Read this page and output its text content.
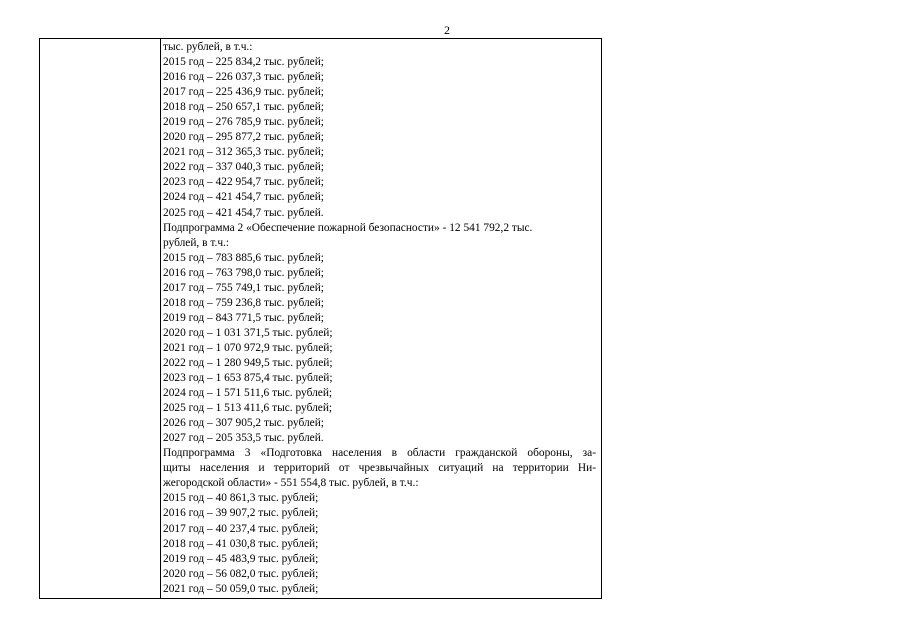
2
тыс. рублей, в т.ч.:
2015 год – 225 834,2 тыс. рублей;
2016 год – 226 037,3 тыс. рублей;
2017 год – 225 436,9 тыс. рублей;
2018 год – 250 657,1 тыс. рублей;
2019 год – 276 785,9 тыс. рублей;
2020 год – 295 877,2 тыс. рублей;
2021 год – 312 365,3 тыс. рублей;
2022 год – 337 040,3 тыс. рублей;
2023 год – 422 954,7 тыс. рублей;
2024 год – 421 454,7 тыс. рублей;
2025 год – 421 454,7 тыс. рублей.
Подпрограмма 2 «Обеспечение пожарной безопасности» - 12 541 792,2 тыс.
рублей, в т.ч.:
2015 год – 783 885,6 тыс. рублей;
2016 год – 763 798,0 тыс. рублей;
2017 год – 755 749,1 тыс. рублей;
2018 год – 759 236,8 тыс. рублей;
2019 год – 843 771,5 тыс. рублей;
2020 год – 1 031 371,5 тыс. рублей;
2021 год – 1 070 972,9 тыс. рублей;
2022 год – 1 280 949,5 тыс. рублей;
2023 год – 1 653 875,4 тыс. рублей;
2024 год – 1 571 511,6 тыс. рублей;
2025 год – 1 513 411,6 тыс. рублей;
2026 год – 307 905,2 тыс. рублей;
2027 год – 205 353,5 тыс. рублей.
Подпрограмма 3 «Подготовка населения в области гражданской обороны, за-
щиты населения и территорий от чрезвычайных ситуаций на территории Ни-
жегородской области» - 551 554,8 тыс. рублей, в т.ч.:
2015 год – 40 861,3 тыс. рублей;
2016 год – 39 907,2 тыс. рублей;
2017 год – 40 237,4 тыс. рублей;
2018 год – 41 030,8 тыс. рублей;
2019 год – 45 483,9 тыс. рублей;
2020 год – 56 082,0 тыс. рублей;
2021 год – 50 059,0 тыс. рублей;
